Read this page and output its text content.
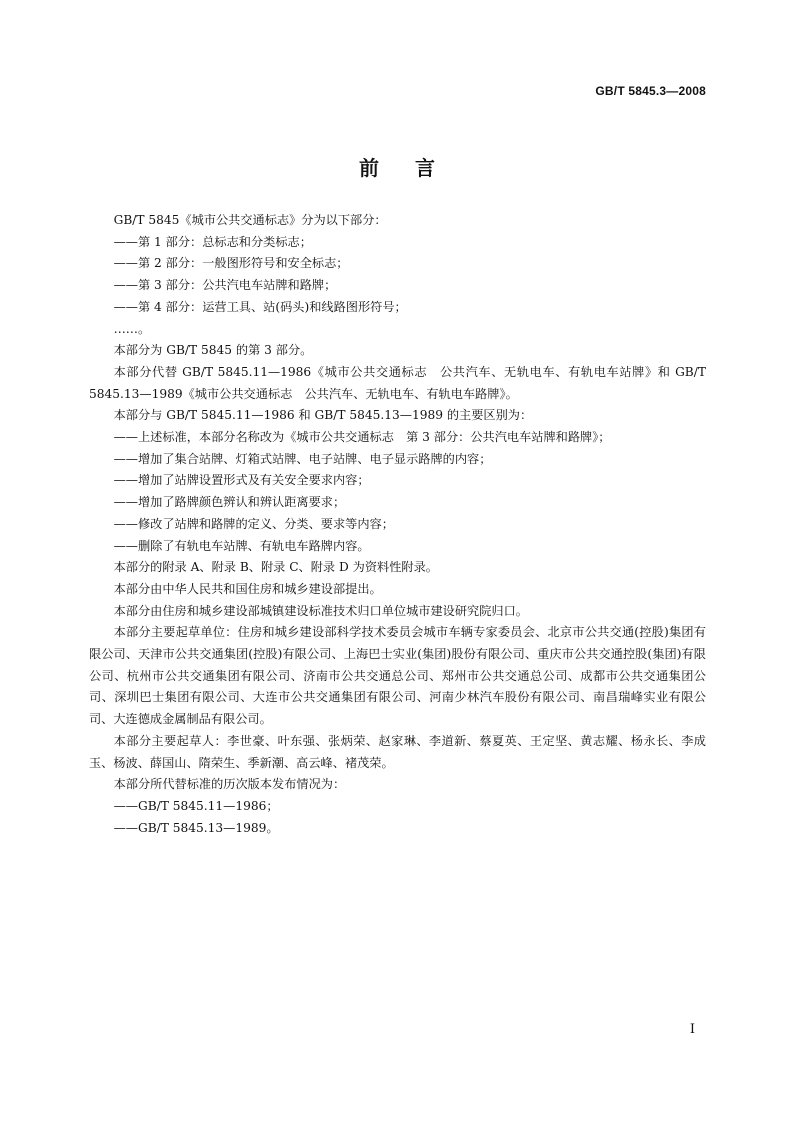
GB/T 5845.3—2008
前言

GB/T 5845《城市公共交通标志》分为以下部分：

——第 1 部分：总标志和分类标志；

——第 2 部分：一般图形符号和安全标志；

——第 3 部分：公共汽电车站牌和路牌；

——第 4 部分：运营工具、站(码头)和线路图形符号；

……。

本部分为 GB/T 5845 的第 3 部分。

本部分代替 GB/T 5845.11—1986《城市公共交通标志　公共汽车、无轨电车、有轨电车站牌》和 GB/T 5845.13—1989《城市公共交通标志　公共汽车、无轨电车、有轨电车路牌》。

本部分与 GB/T 5845.11—1986 和 GB/T 5845.13—1989 的主要区别为：

——上述标准，本部分名称改为《城市公共交通标志　第 3 部分：公共汽电车站牌和路牌》；

——增加了集合站牌、灯箱式站牌、电子站牌、电子显示路牌的内容；

——增加了站牌设置形式及有关安全要求内容；

——增加了路牌颜色辨认和辨认距离要求；

——修改了站牌和路牌的定义、分类、要求等内容；

——删除了有轨电车站牌、有轨电车路牌内容。

本部分的附录 A、附录 B、附录 C、附录 D 为资料性附录。

本部分由中华人民共和国住房和城乡建设部提出。

本部分由住房和城乡建设部城镇建设标准技术归口单位城市建设研究院归口。

本部分主要起草单位：住房和城乡建设部科学技术委员会城市车辆专家委员会、北京市公共交通(控股)集团有限公司、天津市公共交通集团(控股)有限公司、上海巴士实业(集团)股份有限公司、重庆市公共交通控股(集团)有限公司、杭州市公共交通集团有限公司、济南市公共交通总公司、郑州市公共交通总公司、成都市公共交通集团公司、深圳巴士集团有限公司、大连市公共交通集团有限公司、河南少林汽车股份有限公司、南昌瑞峰实业有限公司、大连德成金属制品有限公司。

本部分主要起草人：李世豪、叶东强、张炳荣、赵家琳、李道新、蔡夏英、王定坚、黄志耀、杨永长、李成玉、杨波、薛国山、隋荣生、季新潮、高云峰、褚茂荣。

本部分所代替标准的历次版本发布情况为：

——GB/T 5845.11—1986；

——GB/T 5845.13—1989。

I
